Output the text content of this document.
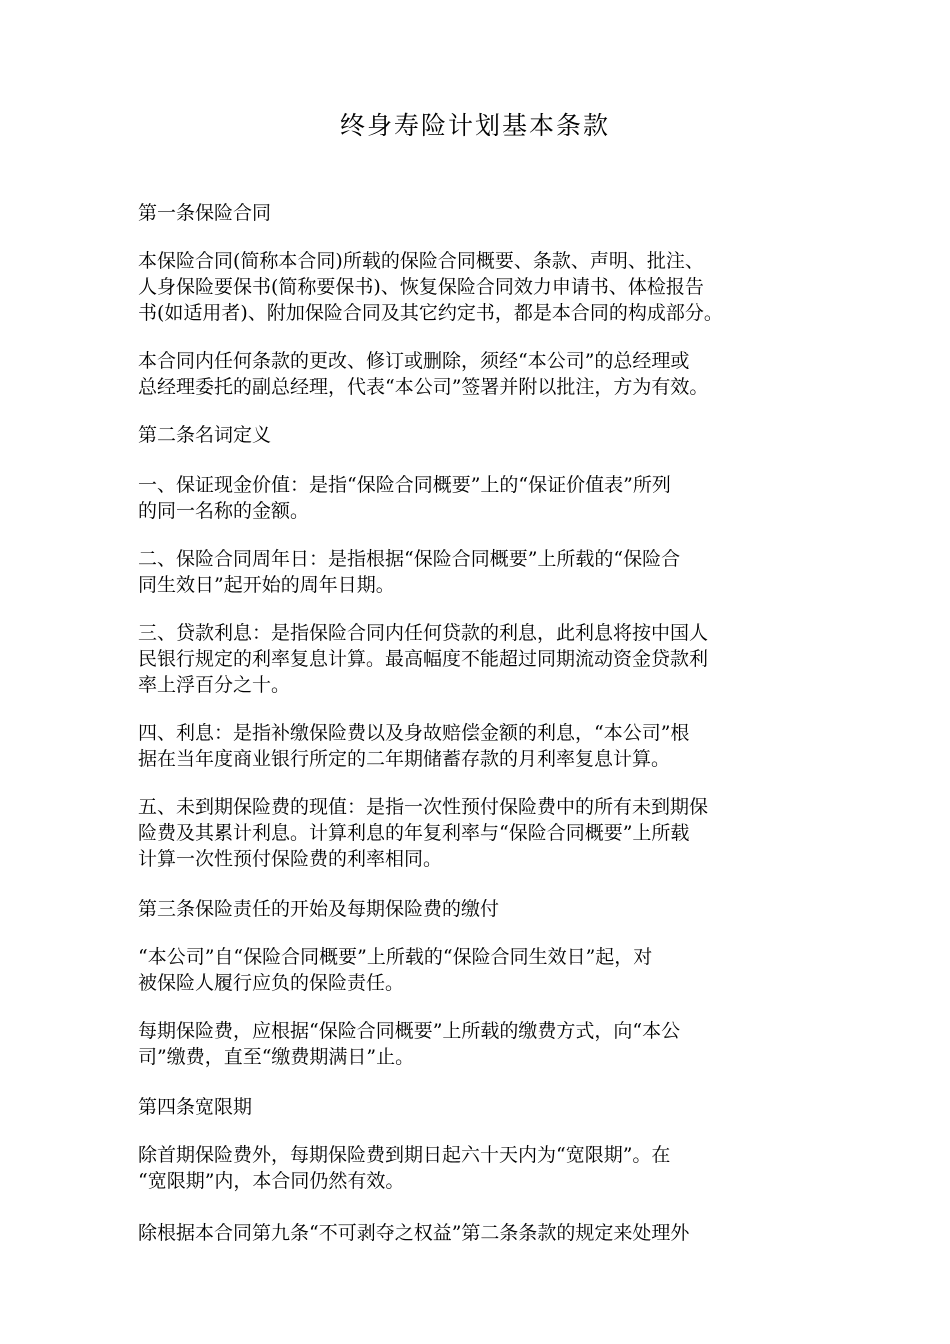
终身寿险计划基本条款
第一条保险合同

本保险合同(简称本合同)所载的保险合同概要、条款、声明、批注、
人身保险要保书(简称要保书)、恢复保险合同效力申请书、体检报告
书(如适用者)、附加保险合同及其它约定书，都是本合同的构成部分。

本合同内任何条款的更改、修订或删除，须经“本公司”的总经理或
总经理委托的副总经理，代表“本公司”签署并附以批注，方为有效。

第二条名词定义

一、保证现金价值：是指“保险合同概要”上的“保证价值表”所列
的同一名称的金额。

二、保险合同周年日：是指根据“保险合同概要”上所载的“保险合
同生效日”起开始的周年日期。

三、贷款利息：是指保险合同内任何贷款的利息，此利息将按中国人
民银行规定的利率复息计算。最高幅度不能超过同期流动资金贷款利
率上浮百分之十。

四、利息：是指补缴保险费以及身故赔偿金额的利息，“本公司”根
据在当年度商业银行所定的二年期储蓄存款的月利率复息计算。

五、未到期保险费的现值：是指一次性预付保险费中的所有未到期保
险费及其累计利息。计算利息的年复利率与“保险合同概要”上所载
计算一次性预付保险费的利率相同。

第三条保险责任的开始及每期保险费的缴付

“本公司”自“保险合同概要”上所载的“保险合同生效日”起，对
被保险人履行应负的保险责任。

每期保险费，应根据“保险合同概要”上所载的缴费方式，向“本公
司”缴费，直至“缴费期满日”止。

第四条宽限期

除首期保险费外，每期保险费到期日起六十天内为“宽限期”。在
“宽限期”内，本合同仍然有效。

除根据本合同第九条“不可剥夺之权益”第二条条款的规定来处理外
